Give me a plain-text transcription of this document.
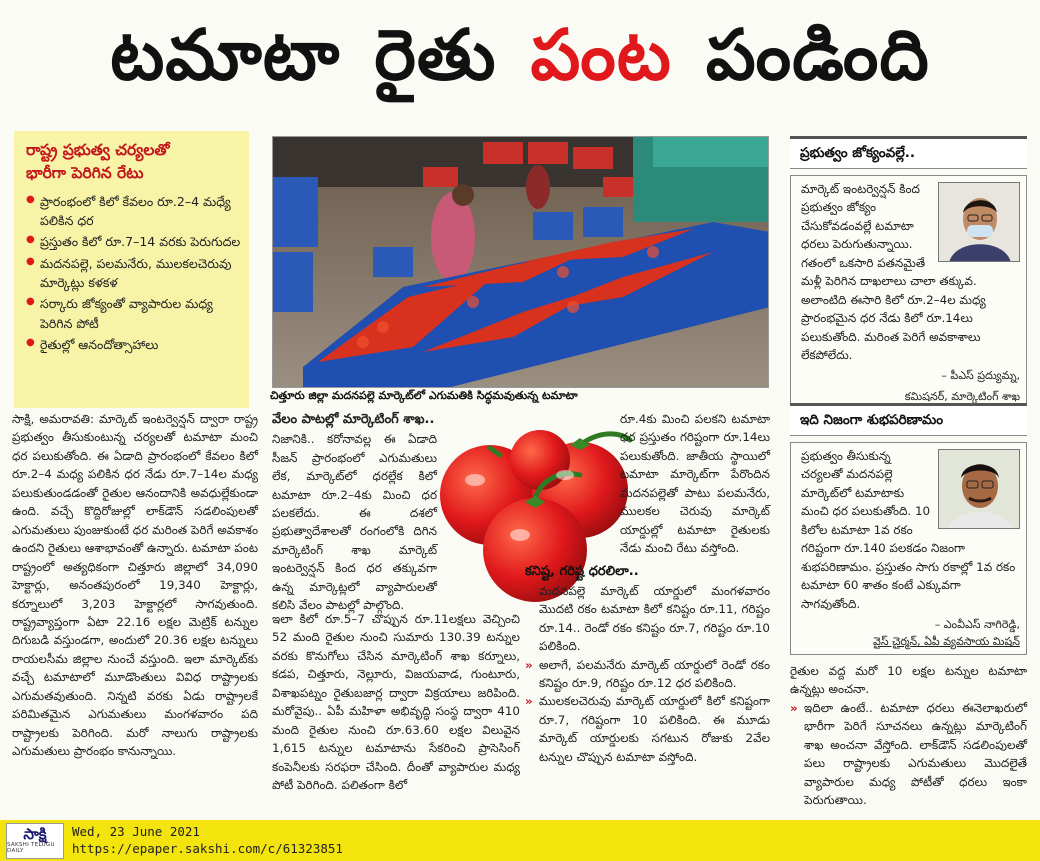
టమాటా రైతు పంట పండింది
రాష్ట్ర ప్రభుత్వ చర్యలతో
భారీగా పెరిగిన రేటు
● ప్రారంభంలో కిలో కేవలం రూ.2–4 మధ్యే పలికిన ధర
● ప్రస్తుతం కిలో రూ.7–14 వరకు పెరుగుదల
● మదనపల్లె, పలమనేరు, ములకలచెరువు మార్కెట్లు కళకళ
● సర్కారు జోక్యంతో వ్యాపారుల మధ్య పెరిగిన పోటీ
● రైతుల్లో ఆనందోత్సాహాలు

సాక్షి, అమరావతి: మార్కెట్ ఇంటర్వెన్షన్ ద్వారా రాష్ట్ర ప్రభుత్వం తీసుకుంటున్న చర్యలతో టమాటా మంచి ధర పలుకుతోంది. ఈ ఏడాది ప్రారంభంలో కేవలం కిలో రూ.2–4 మధ్య పలికిన ధర నేడు రూ.7–14ల మధ్య పలుకుతుండడంతో రైతుల ఆనందానికి అవధుల్లేకుండా ఉంది. వచ్చే కొద్దిరోజుల్లో లాక్‌డౌన్ సడలింపులతో ఎగుమతులు పుంజుకుంటే ధర మరింత పెరిగే అవకాశం ఉందని రైతులు ఆశాభావంతో ఉన్నారు. టమాటా పంట రాష్ట్రంలో అత్యధికంగా చిత్తూరు జిల్లాలో 34,090 హెక్టార్లు, అనంతపురంలో 19,340 హెక్టార్లు, కర్నూలులో 3,203 హెక్టార్లలో సాగవుతుంది. రాష్ట్రవ్యాప్తంగా ఏటా 22.16 లక్షల మెట్రిక్ టన్నుల దిగుబడి వస్తుండగా, అందులో 20.36 లక్షల టన్నులు రాయలసీమ జిల్లాల నుంచే వస్తుంది. ఇలా మార్కెట్‌కు వచ్చే టమాటాలో మూడొంతులు వివిధ రాష్ట్రాలకు ఎగుమతవుతుంది. నిన్నటి వరకు ఏడు రాష్ట్రాలకే పరిమితమైన ఎగుమతులు మంగళవారం పది రాష్ట్రాలకు పెరిగింది. మరో నాలుగు రాష్ట్రాలకు ఎగుమతులు ప్రారంభం కానున్నాయి.

చిత్తూరు జిల్లా మదనపల్లె మార్కెట్‌లో ఎగుమతికి సిద్ధమవుతున్న టమాటా
వేలం పాటల్లో మార్కెటింగ్ శాఖ..

నిజానికి.. కరోనావల్ల ఈ ఏడాది సీజన్ ప్రారంభంలో ఎగుమతులు లేక, మార్కెట్‌లో ధరల్లేక కిలో టమాటా రూ.2–4కు మించి ధర పలకలేదు. ఈ దశలో ప్రభుత్వాదేశాలతో రంగంలోకి దిగిన మార్కెటింగ్ శాఖ మార్కెట్ ఇంటర్వెన్షన్ కింద ధర తక్కువగా ఉన్న మార్కెట్లలో వ్యాపారులతో కలిసి వేలం పాటల్లో పాల్గొంది.

ఇలా కిలో రూ.5–7 చొప్పున రూ.11లక్షలు వెచ్చించి 52 మంది రైతుల నుంచి సుమారు 130.39 టన్నుల వరకు కొనుగోలు చేసిన మార్కెటింగ్ శాఖ కర్నూలు, కడప, చిత్తూరు, నెల్లూరు, విజయవాడ, గుంటూరు, విశాఖపట్నం రైతుబజార్ల ద్వారా విక్రయాలు జరిపింది. మరోవైపు.. ఏపీ మహిళా అభివృద్ధి సంస్థ ద్వారా 410 మంది రైతుల నుంచి రూ.63.60 లక్షల విలువైన 1,615 టన్నుల టమాటాను సేకరించి ప్రాసెసింగ్ కంపెనీలకు సరఫరా చేసింది. దీంతో వ్యాపారుల మధ్య పోటీ పెరిగింది. పలితంగా కిలో

రూ.4కు మించి పలకని టమాటా ధర ప్రస్తుతం గరిష్టంగా రూ.14లు పలుకుతోంది. జాతీయ స్థాయిలో టమాటా మార్కెట్‌గా పేరొందిన మదనపల్లెతో పాటు పలమనేరు, ములకల చెరువు మార్కెట్ యార్డుల్లో టమాటా రైతులకు నేడు మంచి రేటు వస్తోంది.

కనిష్ట, గరిష్ట ధరలిలా..
» మదనపల్లె మార్కెట్ యార్డులో మంగళవారం మొదటి రకం టమాటా కిలో కనిష్టం రూ.11, గరిష్టం రూ.14.. రెండో రకం కనిష్టం రూ.7, గరిష్టం రూ.10 పలికింది.
» అలాగే, పలమనేరు మార్కెట్ యార్డులో రెండో రకం కనిష్టం రూ.9, గరిష్టం రూ.12 ధర పలికింది.
» ములకలచెరువు మార్కెట్ యార్డులో కిలో కనిష్టంగా రూ.7, గరిష్టంగా 10 పలికింది. ఈ మూడు మార్కెట్ యార్డులకు సగటున రోజుకు 2వేల టన్నుల చొప్పున టమాటా వస్తోంది.
ప్రభుత్వం జోక్యంవల్లే..
మార్కెట్ ఇంటర్వెన్షన్ కింద ప్రభుత్వం జోక్యం చేసుకోవడంవల్లే టమాటా ధరలు పెరుగుతున్నాయి. గతంలో ఒకసారి పతనమైతే మళ్లీ పెరిగిన దాఖలాలు చాలా తక్కువ. అలాంటిది ఈసారి కిలో రూ.2–4ల మధ్య ప్రారంభమైన ధర నేడు కిలో రూ.14లు పలుకుతోంది. మరింత పెరిగే అవకాశాలు లేకపోలేదు.
– పీఎస్ ప్రద్యుమ్న,
కమిషనర్, మార్కెటింగ్ శాఖ
ఇది నిజంగా శుభపరిణామం
ప్రభుత్వం తీసుకున్న చర్యలతో మదనపల్లె మార్కెట్‌లో టమాటాకు మంచి ధర పలుకుతోంది. 10 కిలోల టమాటా 1వ రకం గరిష్టంగా రూ.140 పలకడం నిజంగా శుభపరిణామం. ప్రస్తుతం సాగు రకాల్లో 1వ రకం టమాటా 60 శాతం కంటే ఎక్కువగా సాగవుతోంది.
– ఎంవీఎస్ నాగిరెడ్డి,
వైస్ చైర్మన్, ఏపీ వ్యవసాయ మిషన్

రైతుల వద్ద మరో 10 లక్షల టన్నుల టమాటా ఉన్నట్లు అంచనా.

» ఇదిలా ఉంటే.. టమాటా ధరలు ఈనెలాఖరులో భారీగా పెరిగే సూచనలు ఉన్నట్లు మార్కెటింగ్ శాఖ అంచనా వేస్తోంది. లాక్‌డౌన్ సడలింపులతో పలు రాష్ట్రాలకు ఎగుమతులు మొదలైతే వ్యాపారుల మధ్య పోటీతో ధరలు ఇంకా పెరుగుతాయి.
సాక్షి
SAKSHI TELUGU DAILY
Wed, 23 June 2021
https://epaper.sakshi.com/c/61323851
